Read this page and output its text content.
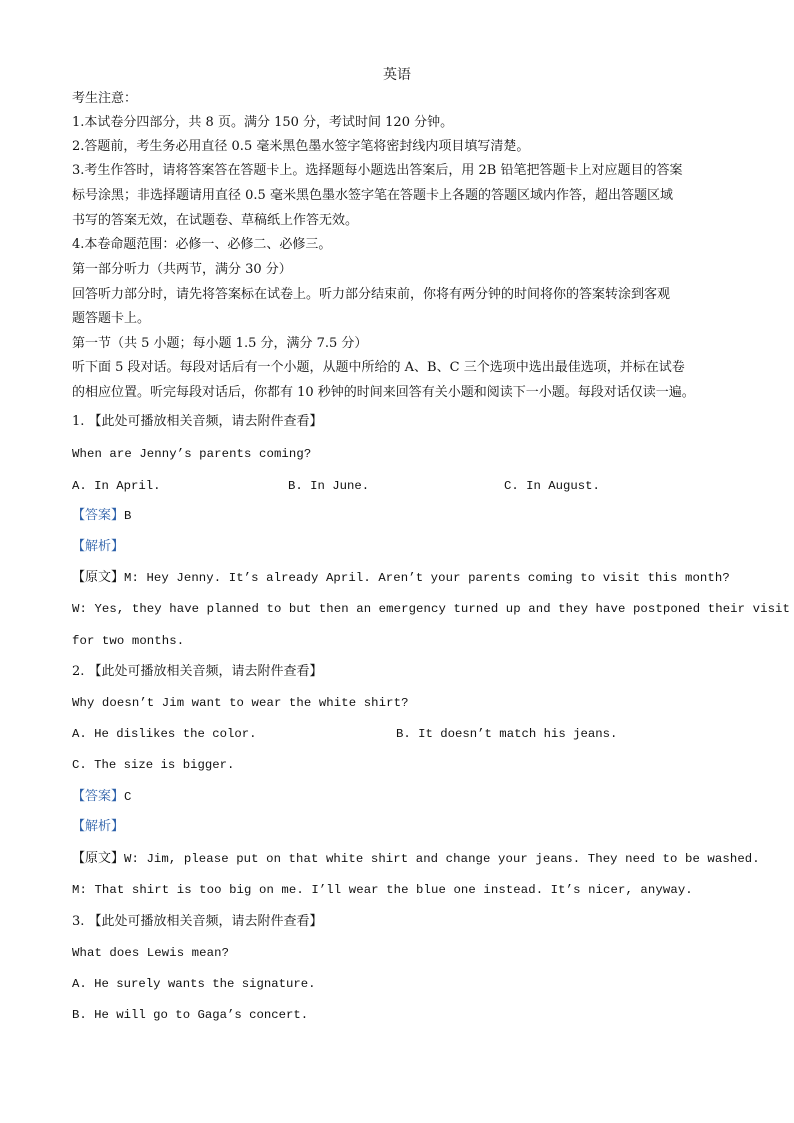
英语
考生注意：
1.本试卷分四部分，共 8 页。满分 150 分，考试时间 120 分钟。
2.答题前，考生务必用直径 0.5 毫米黑色墨水签字笔将密封线内项目填写清楚。
3.考生作答时，请将答案答在答题卡上。选择题每小题选出答案后，用 2B 铅笔把答题卡上对应题目的答案
标号涂黑；非选择题请用直径 0.5 毫米黑色墨水签字笔在答题卡上各题的答题区域内作答，超出答题区域
书写的答案无效，在试题卷、草稿纸上作答无效。
4.本卷命题范围：必修一、必修二、必修三。
第一部分听力（共两节，满分 30 分）
回答听力部分时，请先将答案标在试卷上。听力部分结束前，你将有两分钟的时间将你的答案转涂到客观
题答题卡上。
第一节（共 5 小题；每小题 1.5 分，满分 7.5 分）
听下面 5 段对话。每段对话后有一个小题，从题中所给的 A、B、C 三个选项中选出最佳选项，并标在试卷
的相应位置。听完每段对话后，你都有 10 秒钟的时间来回答有关小题和阅读下一小题。每段对话仅读一遍。
1. 【此处可播放相关音频，请去附件查看】
When are Jenny’s parents coming?
A. In April.	B. In June.	C. In August.
【答案】B
【解析】
【原文】M: Hey Jenny. It’s already April. Aren’t your parents coming to visit this month?
W: Yes, they have planned to but then an emergency turned up and they have postponed their visit
for two months.
2. 【此处可播放相关音频，请去附件查看】
Why doesn’t Jim want to wear the white shirt?
A. He dislikes the color.	B. It doesn’t match his jeans.
C. The size is bigger.
【答案】C
【解析】
【原文】W: Jim, please put on that white shirt and change your jeans. They need to be washed.
M: That shirt is too big on me. I’ll wear the blue one instead. It’s nicer, anyway.
3. 【此处可播放相关音频，请去附件查看】
What does Lewis mean?
A. He surely wants the signature.
B. He will go to Gaga’s concert.
